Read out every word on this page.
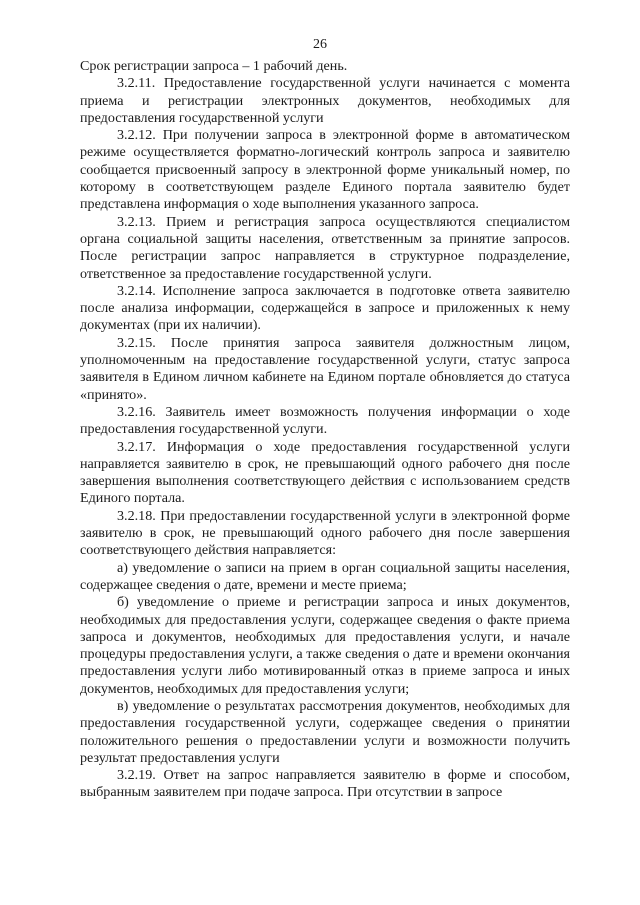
26

Срок регистрации запроса – 1 рабочий день.

3.2.11. Предоставление государственной услуги начинается с момента приема и регистрации электронных документов, необходимых для предоставления государственной услуги

3.2.12. При получении запроса в электронной форме в автоматическом режиме осуществляется форматно-логический контроль запроса и заявителю сообщается присвоенный запросу в электронной форме уникальный номер, по которому в соответствующем разделе Единого портала заявителю будет представлена информация о ходе выполнения указанного запроса.

3.2.13. Прием и регистрация запроса осуществляются специалистом органа социальной защиты населения, ответственным за принятие запросов. После регистрации запрос направляется в структурное подразделение, ответственное за предоставление государственной услуги.

3.2.14. Исполнение запроса заключается в подготовке ответа заявителю после анализа информации, содержащейся в запросе и приложенных к нему документах (при их наличии).

3.2.15. После принятия запроса заявителя должностным лицом, уполномоченным на предоставление государственной услуги, статус запроса заявителя в Едином личном кабинете на Едином портале обновляется до статуса «принято».

3.2.16. Заявитель имеет возможность получения информации о ходе предоставления государственной услуги.

3.2.17. Информация о ходе предоставления государственной услуги направляется заявителю в срок, не превышающий одного рабочего дня после завершения выполнения соответствующего действия с использованием средств Единого портала.

3.2.18. При предоставлении государственной услуги в электронной форме заявителю в срок, не превышающий одного рабочего дня после завершения соответствующего действия направляется:

а) уведомление о записи на прием в орган социальной защиты населения, содержащее сведения о дате, времени и месте приема;

б) уведомление о приеме и регистрации запроса и иных документов, необходимых для предоставления услуги, содержащее сведения о факте приема запроса и документов, необходимых для предоставления услуги, и начале процедуры предоставления услуги, а также сведения о дате и времени окончания предоставления услуги либо мотивированный отказ в приеме запроса и иных документов, необходимых для предоставления услуги;

в) уведомление о результатах рассмотрения документов, необходимых для предоставления государственной услуги, содержащее сведения о принятии положительного решения о предоставлении услуги и возможности получить результат предоставления услуги

3.2.19. Ответ на запрос направляется заявителю в форме и способом, выбранным заявителем при подаче запроса. При отсутствии в запросе
